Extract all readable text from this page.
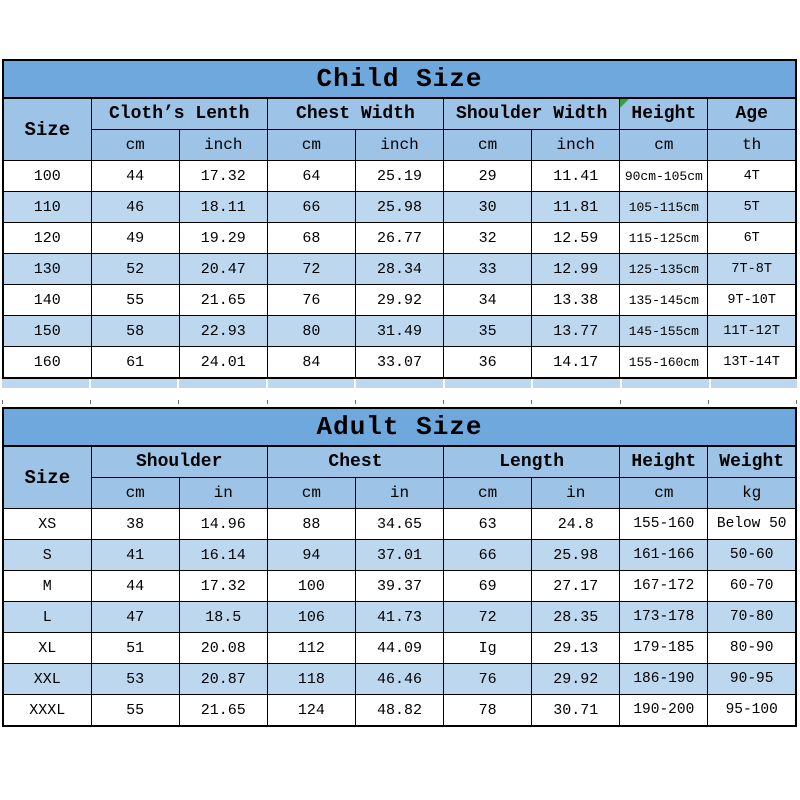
Child Size								
Size	Cloth’s Lenth		Chest Width		Shoulder Width		Height	Age
	cm	inch	cm	inch	cm	inch	cm	th
100	44	17.32	64	25.19	29	11.41	90cm-105cm	4T
110	46	18.11	66	25.98	30	11.81	105-115cm	5T
120	49	19.29	68	26.77	32	12.59	115-125cm	6T
130	52	20.47	72	28.34	33	12.99	125-135cm	7T-8T
140	55	21.65	76	29.92	34	13.38	135-145cm	9T-10T
150	58	22.93	80	31.49	35	13.77	145-155cm	11T-12T
160	61	24.01	84	33.07	36	14.17	155-160cm	13T-14T
Adult Size								
Size	Shoulder		Chest		Length		Height	Weight
	cm	in	cm	in	cm	in	cm	kg
XS	38	14.96	88	34.65	63	24.8	155-160	Below 50
S	41	16.14	94	37.01	66	25.98	161-166	50-60
M	44	17.32	100	39.37	69	27.17	167-172	60-70
L	47	18.5	106	41.73	72	28.35	173-178	70-80
XL	51	20.08	112	44.09	Ig	29.13	179-185	80-90
XXL	53	20.87	118	46.46	76	29.92	186-190	90-95
XXXL	55	21.65	124	48.82	78	30.71	190-200	95-100
